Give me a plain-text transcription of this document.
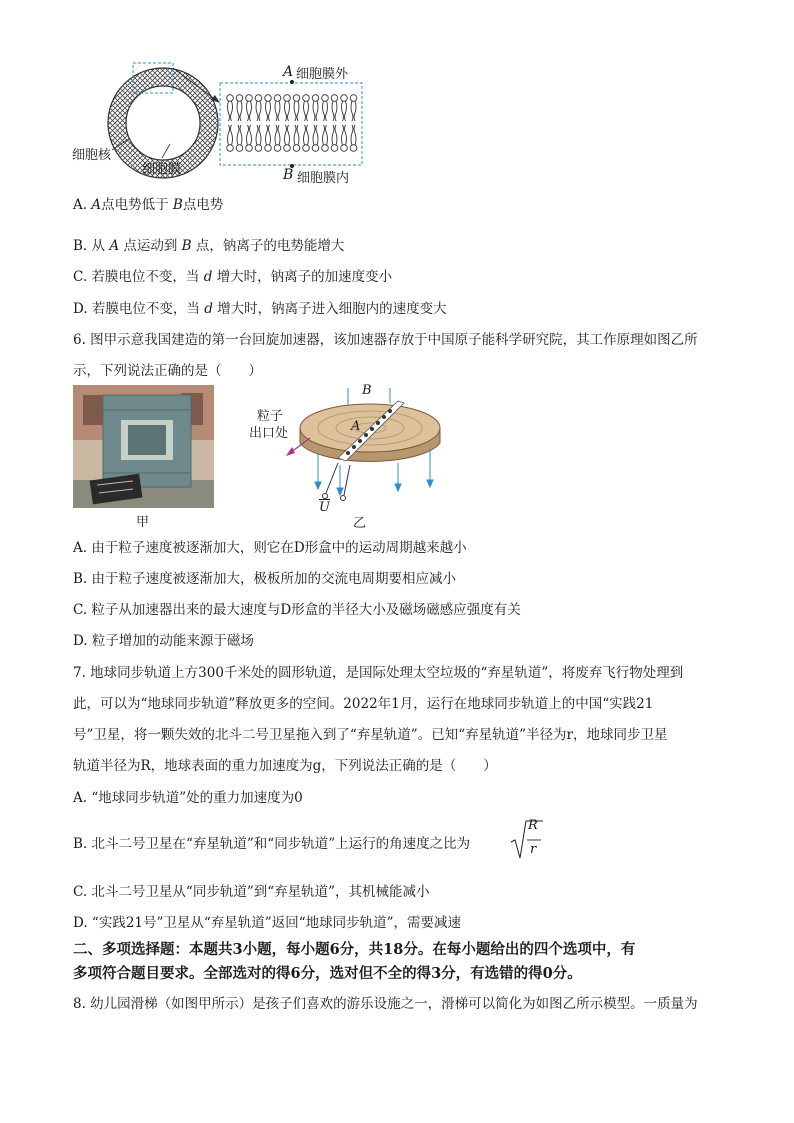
细胞核
细胞膜
A 细胞膜外
B 细胞膜内
A. A点电势低于 B点电势
B. 从 A 点运动到 B 点，钠离子的电势能增大
C. 若膜电位不变，当 d 增大时，钠离子的加速度变小
D. 若膜电位不变，当 d 增大时，钠离子进入细胞内的速度变大
6. 图甲示意我国建造的第一台回旋加速器，该加速器存放于中国原子能科学研究院，其工作原理如图乙所
示，下列说法正确的是（　　）
甲
B
A
粒子
出口处
$\overline{U}$
乙
A. 由于粒子速度被逐渐加大，则它在D形盒中的运动周期越来越小
B. 由于粒子速度被逐渐加大，极板所加的交流电周期要相应减小
C. 粒子从加速器出来的最大速度与D形盒的半径大小及磁场磁感应强度有关
D. 粒子增加的动能来源于磁场
7. 地球同步轨道上方300千米处的圆形轨道，是国际处理太空垃圾的“弃星轨道”，将废弃飞行物处理到
此，可以为“地球同步轨道”释放更多的空间。2022年1月，运行在地球同步轨道上的中国“实践21
号”卫星，将一颗失效的北斗二号卫星拖入到了“弃星轨道”。已知“弃星轨道”半径为r，地球同步卫星
轨道半径为R，地球表面的重力加速度为g，下列说法正确的是（　　）
A. “地球同步轨道”处的重力加速度为0
B. 北斗二号卫星在“弃星轨道”和“同步轨道”上运行的角速度之比为
R
r
C. 北斗二号卫星从“同步轨道”到“弃星轨道”，其机械能减小
D. “实践21号”卫星从“弃星轨道”返回“地球同步轨道”，需要减速
二、多项选择题：本题共3小题，每小题6分，共18分。在每小题给出的四个选项中，有
多项符合题目要求。全部选对的得6分，选对但不全的得3分，有选错的得0分。
8. 幼儿园滑梯（如图甲所示）是孩子们喜欢的游乐设施之一，滑梯可以简化为如图乙所示模型。一质量为
